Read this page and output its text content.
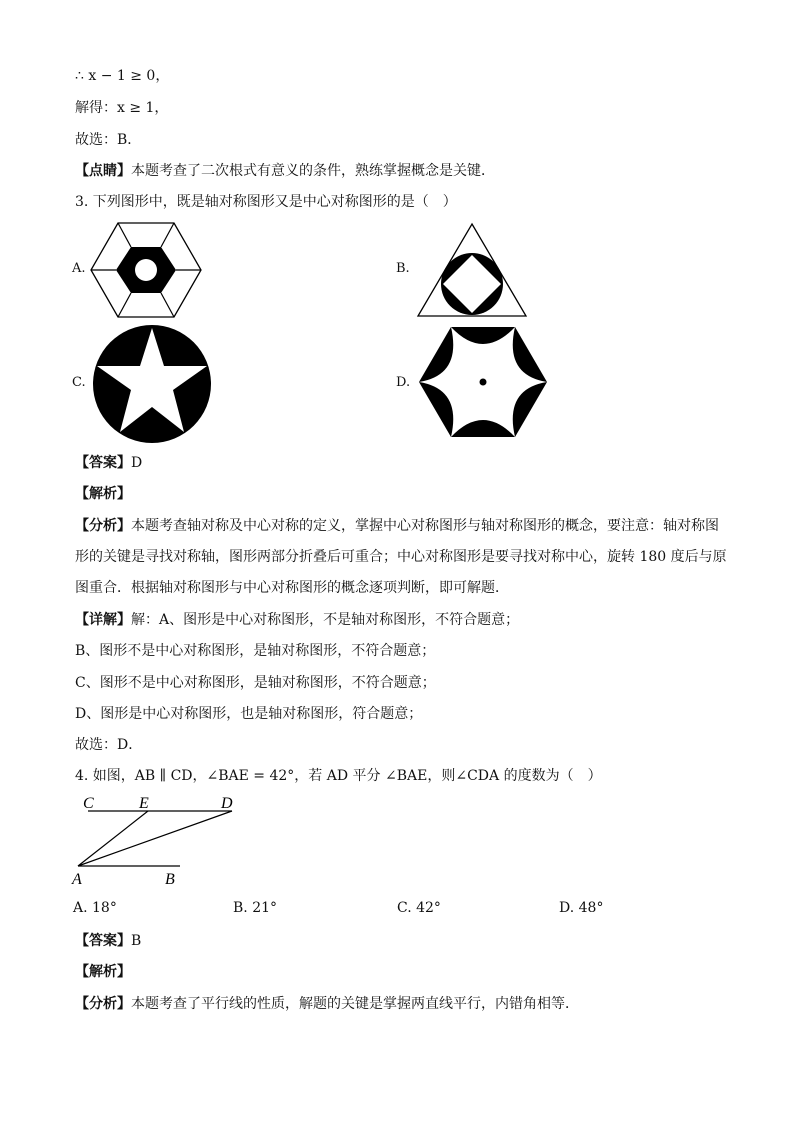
∴ x − 1 ≥ 0，
解得：x ≥ 1，
故选：B．
【点睛】本题考查了二次根式有意义的条件，熟练掌握概念是关键．
3. 下列图形中，既是轴对称图形又是中心对称图形的是（　）
A.	B.
C.	D.
【答案】D
【解析】
【分析】本题考查轴对称及中心对称的定义，掌握中心对称图形与轴对称图形的概念，要注意：轴对称图
形的关键是寻找对称轴，图形两部分折叠后可重合；中心对称图形是要寻找对称中心，旋转 180 度后与原
图重合．根据轴对称图形与中心对称图形的概念逐项判断，即可解题．
【详解】解：A、图形是中心对称图形，不是轴对称图形，不符合题意；
B、图形不是中心对称图形，是轴对称图形，不符合题意；
C、图形不是中心对称图形，是轴对称图形，不符合题意；
D、图形是中心对称图形，也是轴对称图形，符合题意；
故选：D．
4. 如图，AB ∥ CD，∠BAE = 42°，若 AD 平分 ∠BAE，则∠CDA 的度数为（　）
C	E	D
A	B
A. 18°	B. 21°	C. 42°	D. 48°
【答案】B
【解析】
【分析】本题考查了平行线的性质，解题的关键是掌握两直线平行，内错角相等．
